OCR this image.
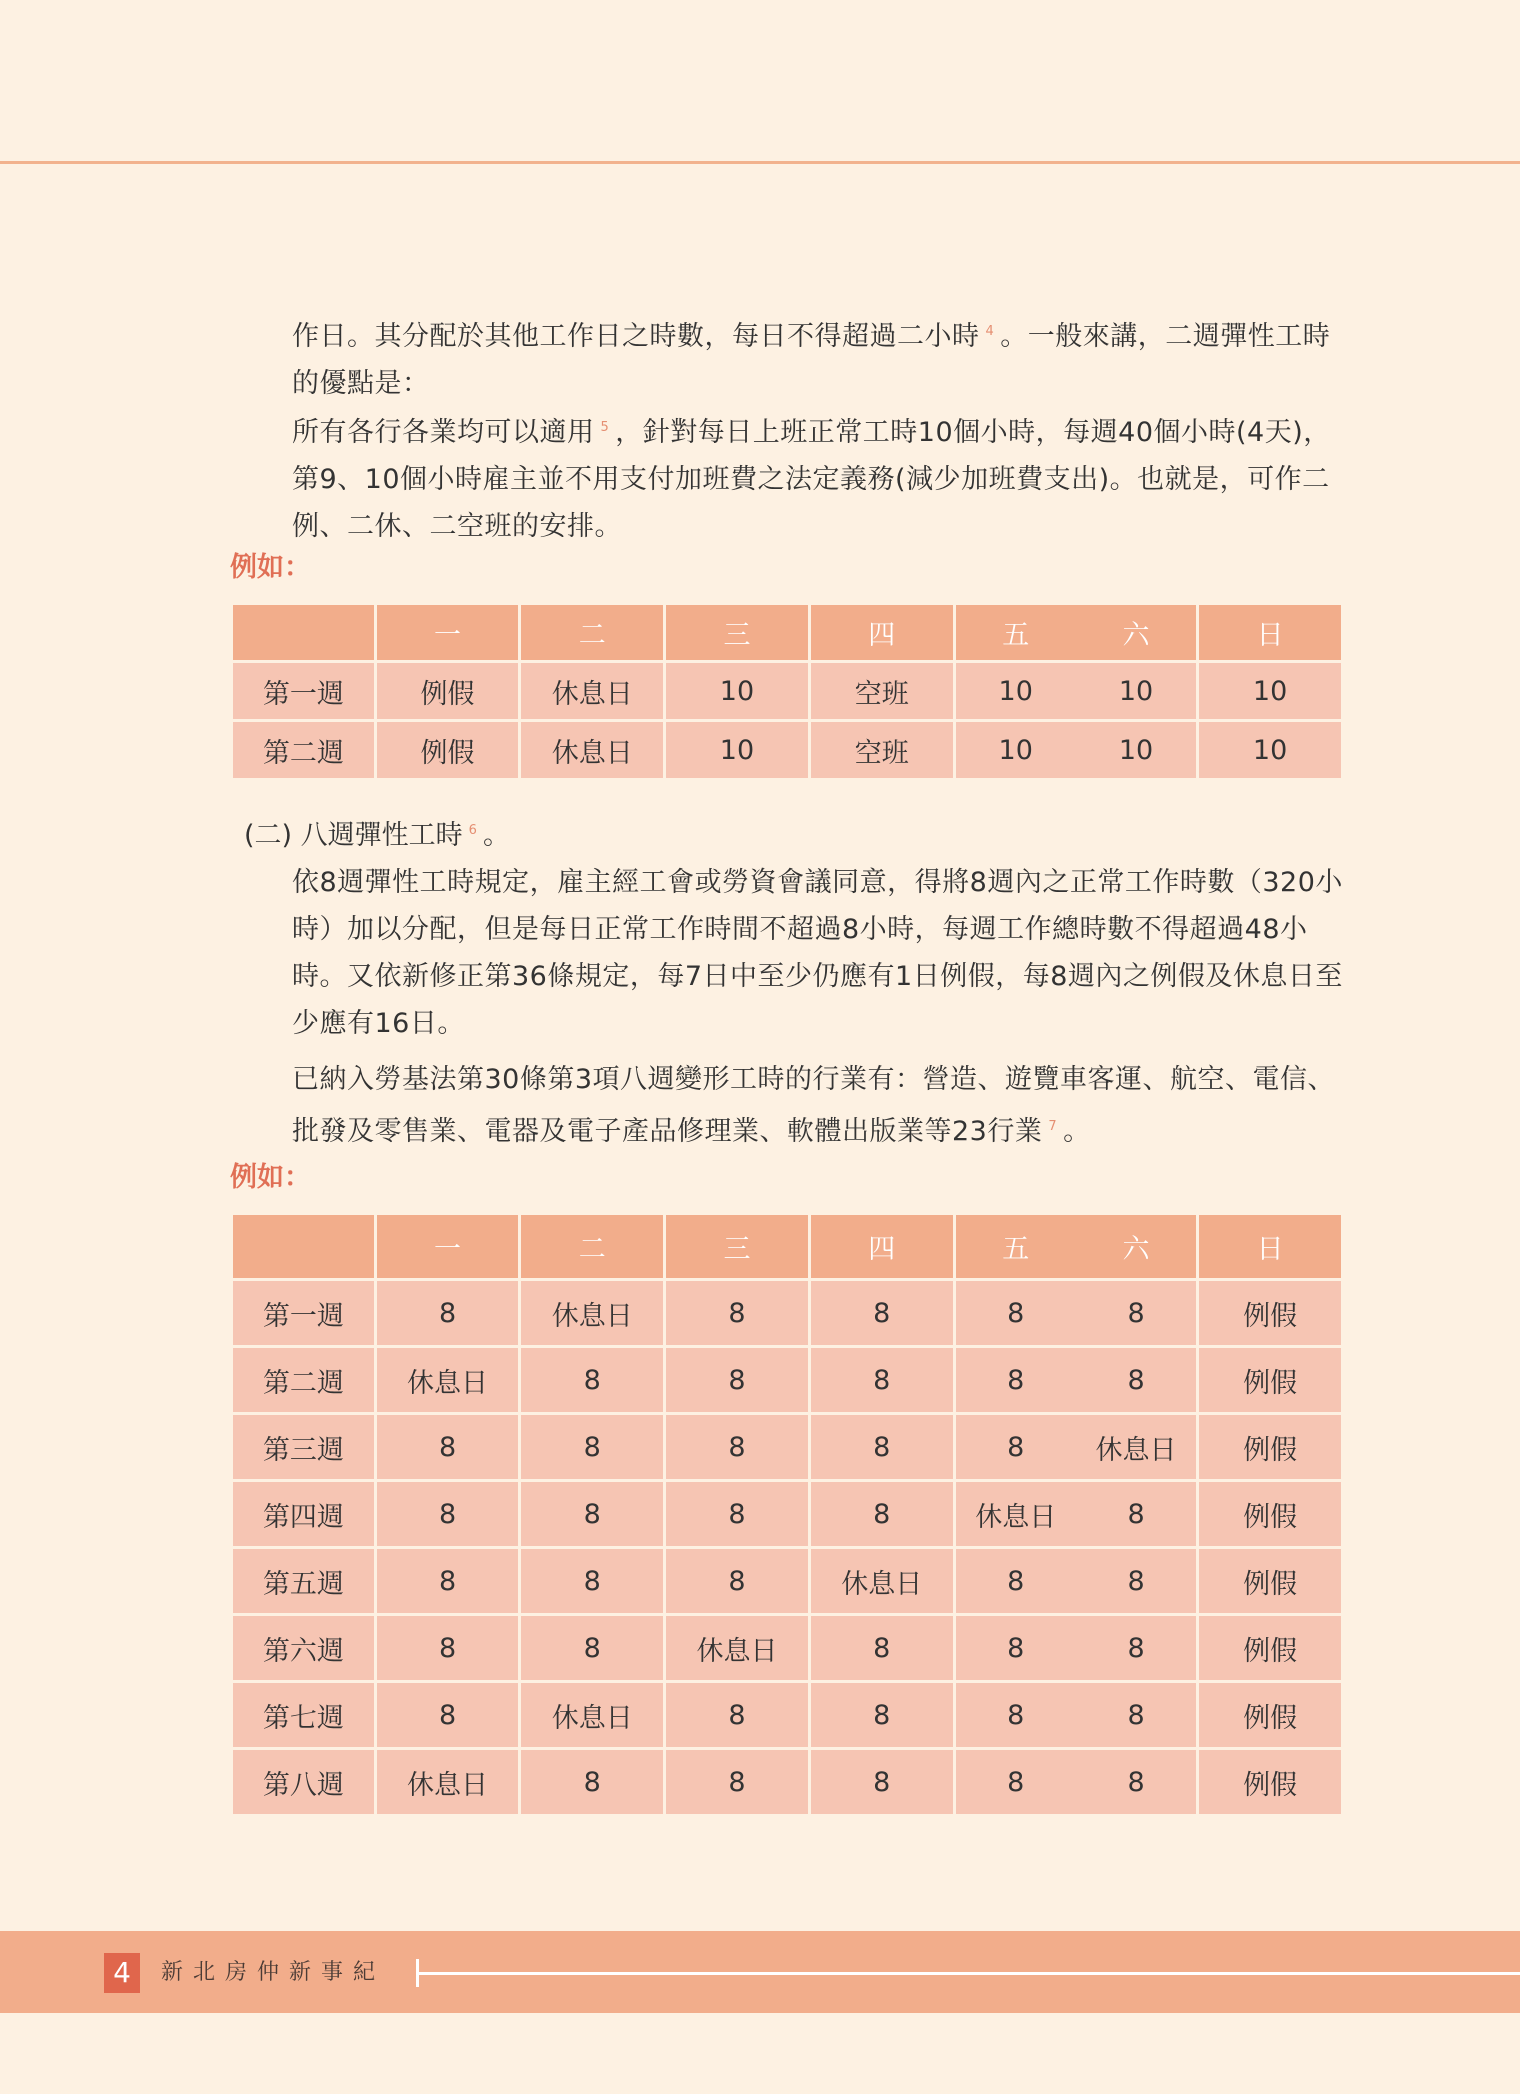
作日。其分配於其他工作日之時數，每日不得超過二小時 $^4$ 。一般來講，二週彈性工時的優點是：

所有各行各業均可以適用 $^5$ ，針對每日上班正常工時10個小時，每週40個小時(4天)，第9、10個小時雇主並不用支付加班費之法定義務(減少加班費支出)。也就是，可作二例、二休、二空班的安排。

例如：
	一	二	三	四	五	六	日
第一週	例假	休息日	10	空班	10	10	10
第二週	例假	休息日	10	空班	10	10	10
(二) 八週彈性工時 $^6$ 。

依8週彈性工時規定，雇主經工會或勞資會議同意，得將8週內之正常工作時數（320小時）加以分配，但是每日正常工作時間不超過8小時，每週工作總時數不得超過48小時。又依新修正第36條規定，每7日中至少仍應有1日例假，每8週內之例假及休息日至少應有16日。

已納入勞基法第30條第3項八週變形工時的行業有：營造、遊覽車客運、航空、電信、批發及零售業、電器及電子產品修理業、軟體出版業等23行業 $^7$ 。

例如：
	一	二	三	四	五	六	日
第一週	8	休息日	8	8	8	8	例假
第二週	休息日	8	8	8	8	8	例假
第三週	8	8	8	8	8	休息日	例假
第四週	8	8	8	8	休息日	8	例假
第五週	8	8	8	休息日	8	8	例假
第六週	8	8	休息日	8	8	8	例假
第七週	8	休息日	8	8	8	8	例假
第八週	休息日	8	8	8	8	8	例假
4	新北房仲新事紀
